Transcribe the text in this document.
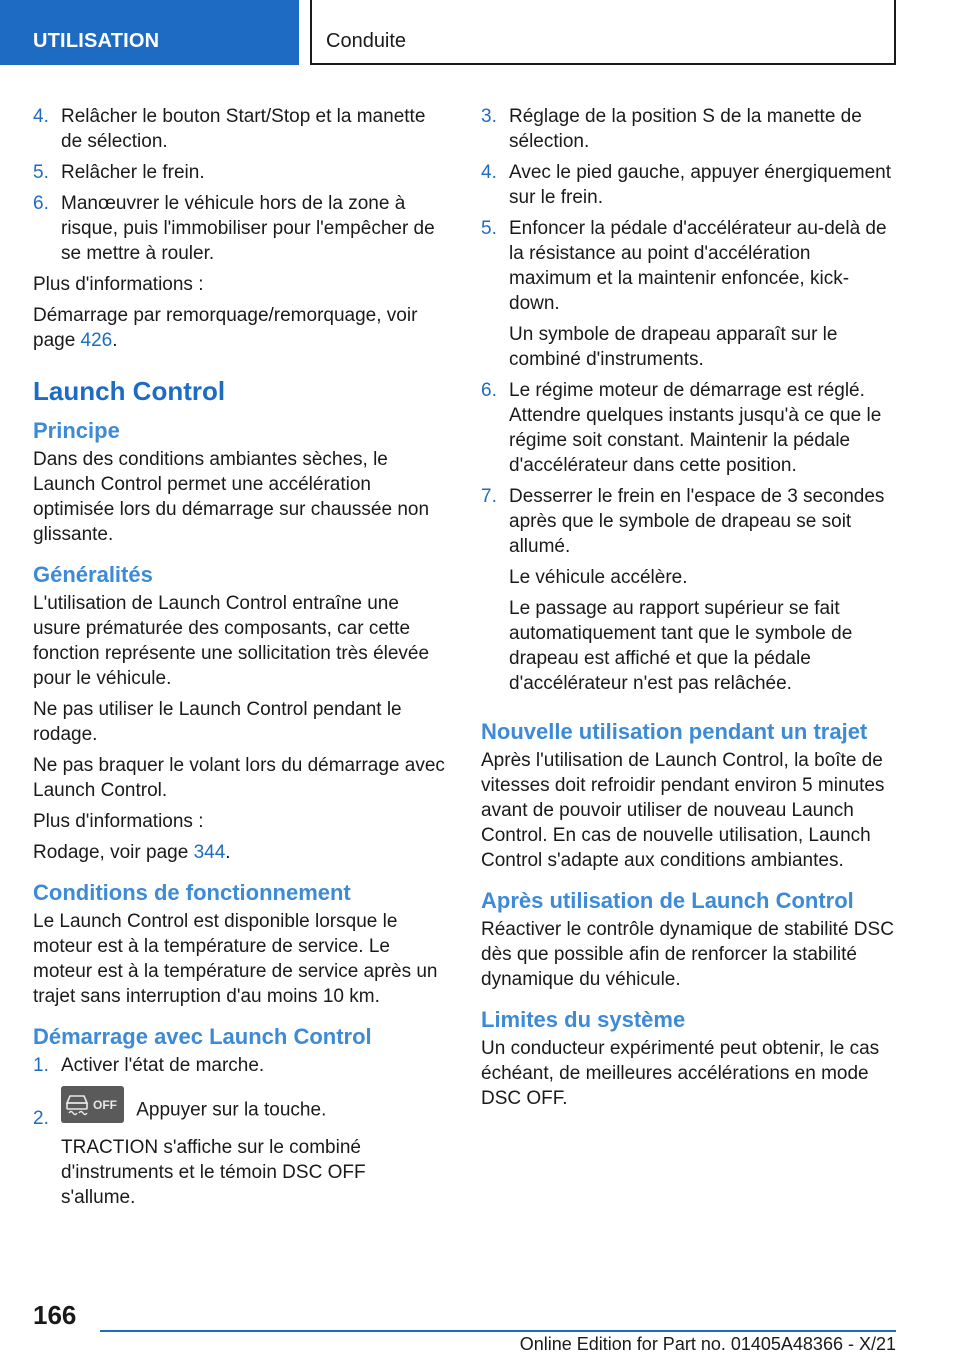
UTILISATION	Conduite
4. Relâcher le bouton Start/Stop et la manette de sélection.
5. Relâcher le frein.
6. Manœuvrer le véhicule hors de la zone à risque, puis l'immobiliser pour l'empêcher de se mettre à rouler.

Plus d'informations :

Démarrage par remorquage/remorquage, voir page 426.

Launch Control
Principe

Dans des conditions ambiantes sèches, le Launch Control permet une accélération optimisée lors du démarrage sur chaussée non glissante.

Généralités

L'utilisation de Launch Control entraîne une usure prématurée des composants, car cette fonction représente une sollicitation très élevée pour le véhicule.

Ne pas utiliser le Launch Control pendant le rodage.

Ne pas braquer le volant lors du démarrage avec Launch Control.

Plus d'informations :

Rodage, voir page 344.

Conditions de fonctionnement

Le Launch Control est disponible lorsque le moteur est à la température de service. Le moteur est à la température de service après un trajet sans interruption d'au moins 10 km.

Démarrage avec Launch Control
1. Activer l'état de marche.
2.
OFF Appuyer sur la touche.

TRACTION s'affiche sur le combiné d'instruments et le témoin DSC OFF s'allume.

3. Réglage de la position S de la manette de sélection.
4. Avec le pied gauche, appuyer énergiquement sur le frein.
5. Enfoncer la pédale d'accélérateur au-delà de la résistance au point d'accélération maximum et la maintenir enfoncée, kick-down.

Un symbole de drapeau apparaît sur le combiné d'instruments.

6. Le régime moteur de démarrage est réglé. Attendre quelques instants jusqu'à ce que le régime soit constant. Maintenir la pédale d'accélérateur dans cette position.
7. Desserrer le frein en l'espace de 3 secondes après que le symbole de drapeau se soit allumé.

Le véhicule accélère.

Le passage au rapport supérieur se fait automatiquement tant que le symbole de drapeau est affiché et que la pédale d'accélérateur n'est pas relâchée.

Nouvelle utilisation pendant un trajet

Après l'utilisation de Launch Control, la boîte de vitesses doit refroidir pendant environ 5 minutes avant de pouvoir utiliser de nouveau Launch Control. En cas de nouvelle utilisation, Launch Control s'adapte aux conditions ambiantes.

Après utilisation de Launch Control

Réactiver le contrôle dynamique de stabilité DSC dès que possible afin de renforcer la stabilité dynamique du véhicule.

Limites du système

Un conducteur expérimenté peut obtenir, le cas échéant, de meilleures accélérations en mode DSC OFF.

166
Online Edition for Part no. 01405A48366 - X/21
